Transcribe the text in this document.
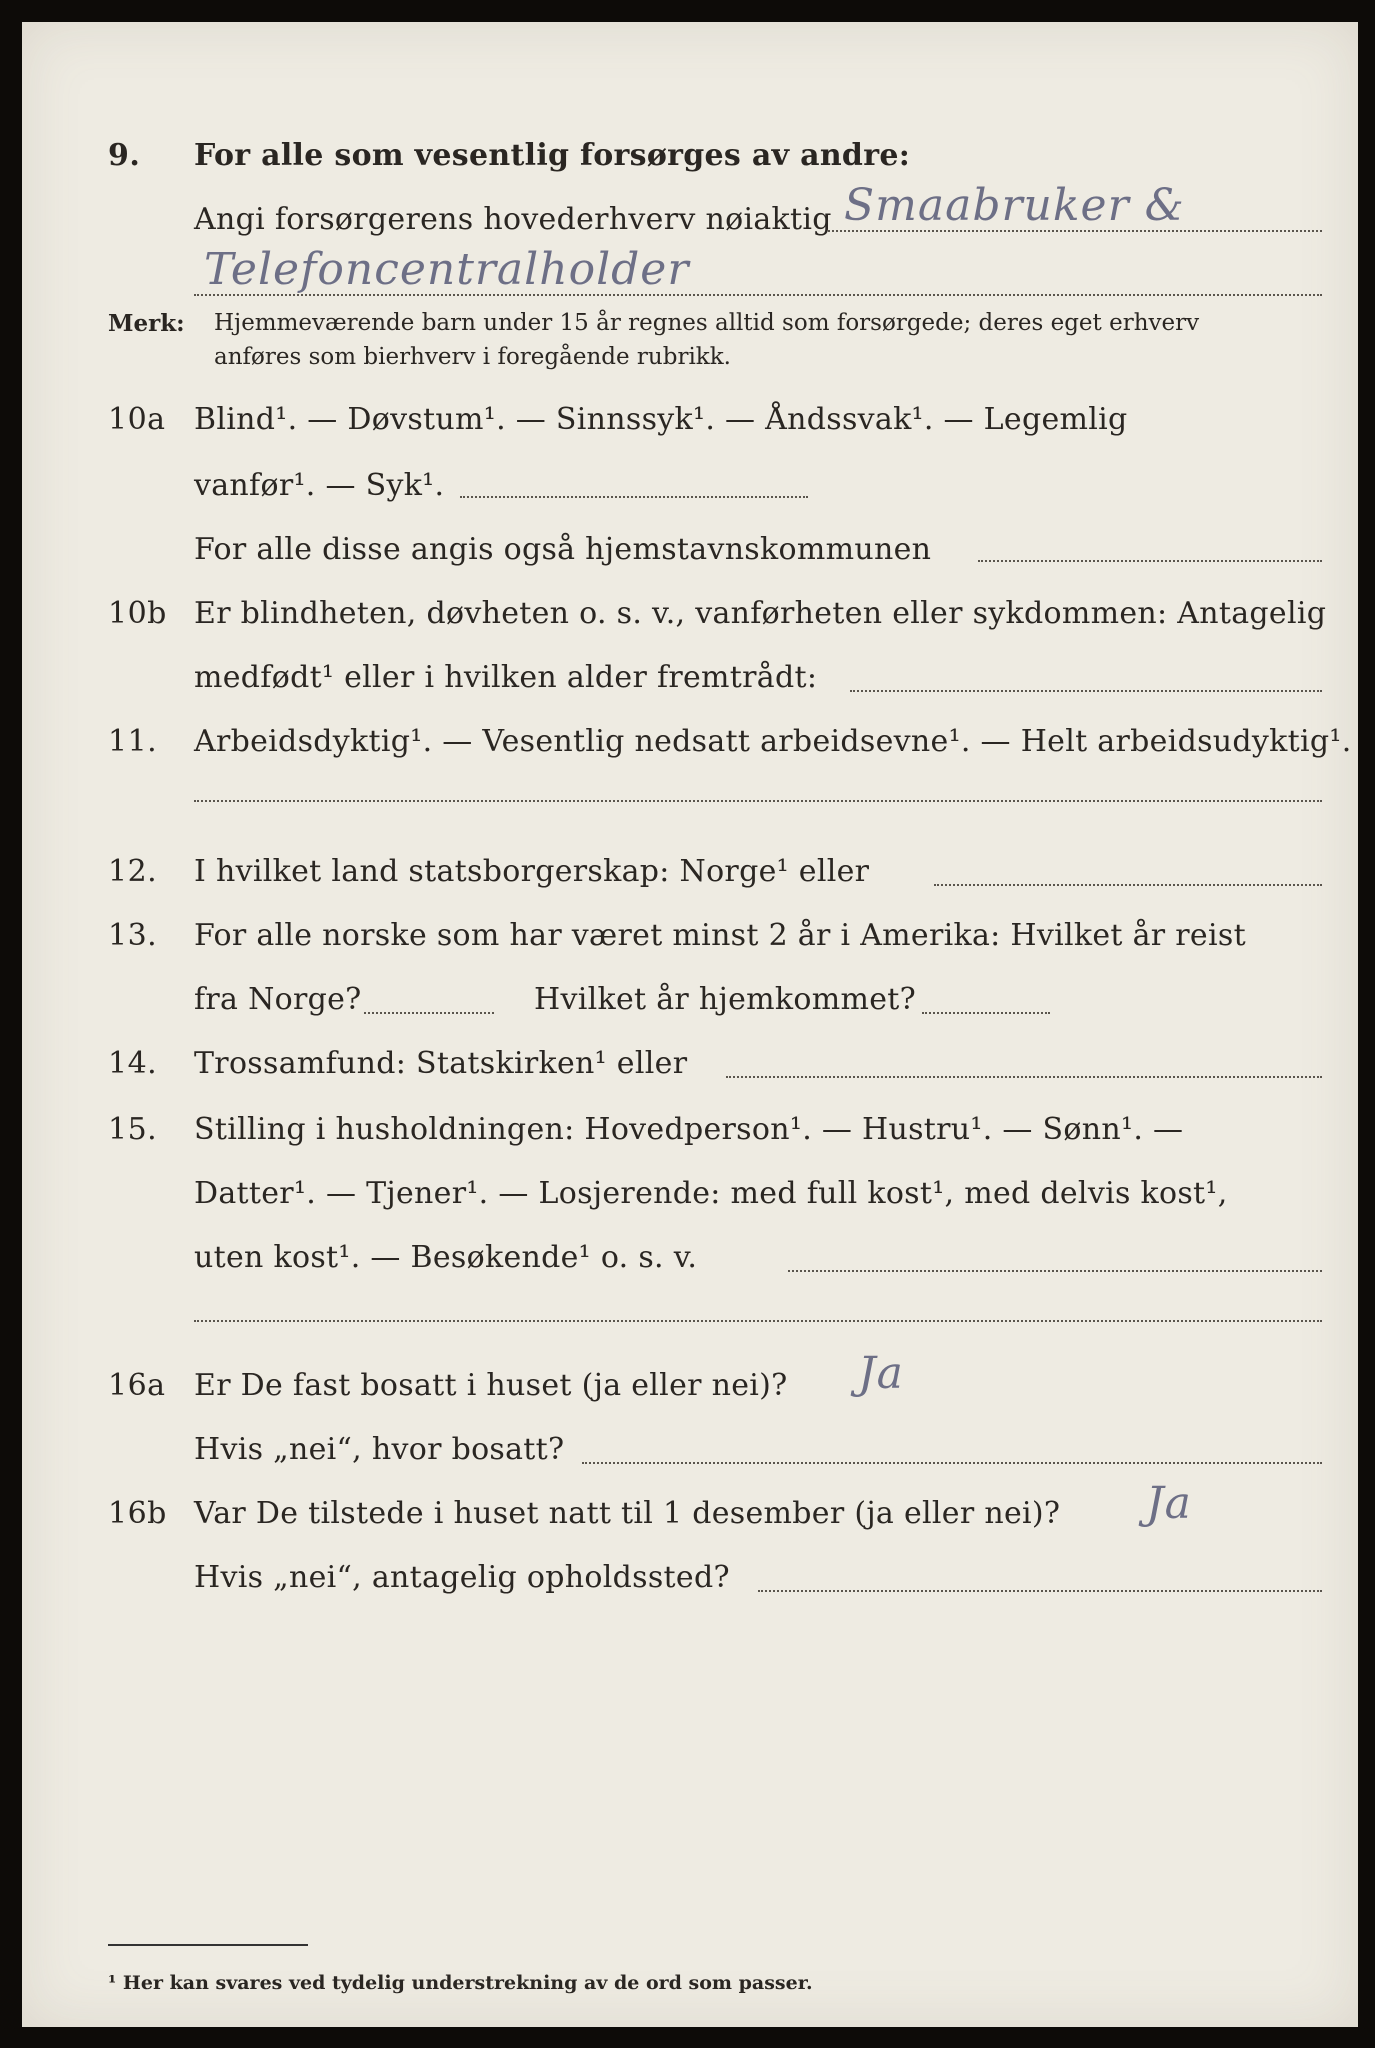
9. For alle som vesentlig forsørges av andre:
Angi forsørgerens hovederhverv nøiaktig Smaabruker &
Telefoncentralholder
Merk: Hjemmeværende barn under 15 år regnes alltid som forsørgede; deres eget erhverv
anføres som bierhverv i foregående rubrikk.
10a Blind¹. — Døvstum¹. — Sinnssyk¹. — Åndssvak¹. — Legemlig
vanfør¹. — Syk¹.
For alle disse angis også hjemstavnskommunen
10b Er blindheten, døvheten o. s. v., vanførheten eller sykdommen: Antagelig
medfødt¹ eller i hvilken alder fremtrådt:
11. Arbeidsdyktig¹. — Vesentlig nedsatt arbeidsevne¹. — Helt arbeidsudyktig¹.
12. I hvilket land statsborgerskap: Norge¹ eller
13. For alle norske som har været minst 2 år i Amerika: Hvilket år reist
fra Norge?	Hvilket år hjemkommet?
14. Trossamfund: Statskirken¹ eller
15. Stilling i husholdningen: Hovedperson¹. — Hustru¹. — Sønn¹. —
Datter¹. — Tjener¹. — Losjerende: med full kost¹, med delvis kost¹,
uten kost¹. — Besøkende¹ o. s. v.
16a Er De fast bosatt i huset (ja eller nei)? Ja
Hvis „nei“, hvor bosatt?
16b Var De tilstede i huset natt til 1 desember (ja eller nei)? Ja
Hvis „nei“, antagelig opholdssted?
¹ Her kan svares ved tydelig understrekning av de ord som passer.
